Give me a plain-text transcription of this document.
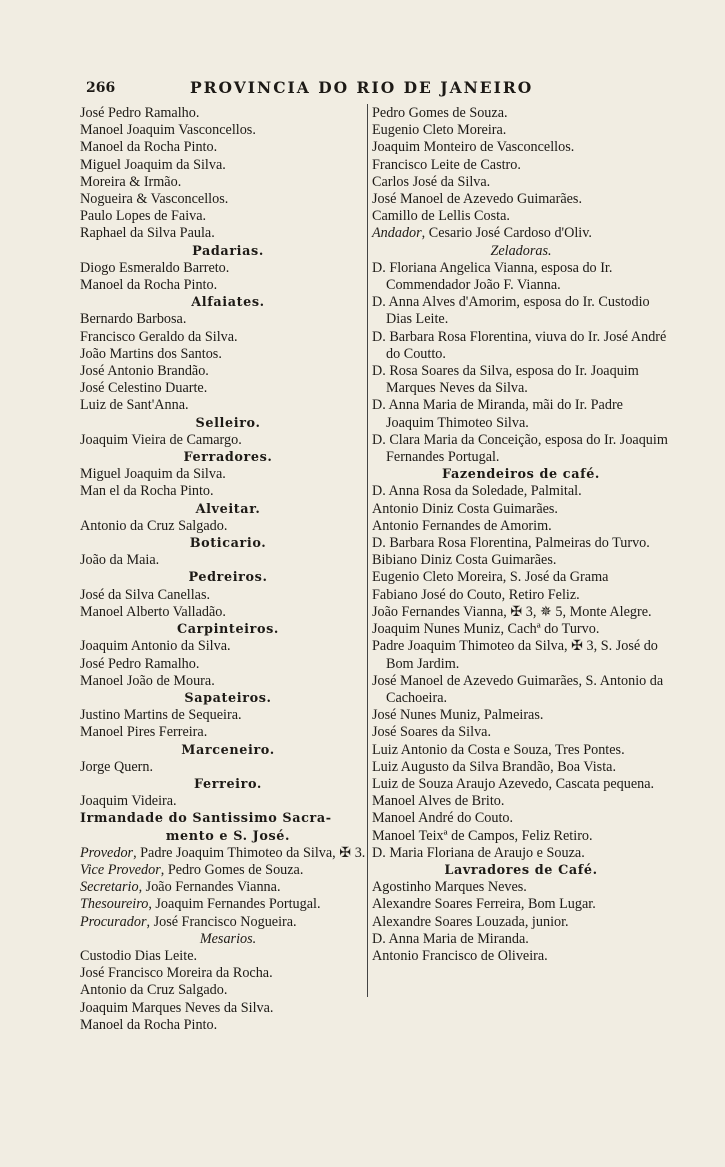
266	PROVINCIA DO RIO DE JANEIRO
José Pedro Ramalho.
Manoel Joaquim Vasconcellos.
Manoel da Rocha Pinto.
Miguel Joaquim da Silva.
Moreira & Irmão.
Nogueira & Vasconcellos.
Paulo Lopes de Faiva.
Raphael da Silva Paula.
Padarias.
Diogo Esmeraldo Barreto.
Manoel da Rocha Pinto.
Alfaiates.
Bernardo Barbosa.
Francisco Geraldo da Silva.
João Martins dos Santos.
José Antonio Brandão.
José Celestino Duarte.
Luiz de Sant'Anna.
Selleiro.
Joaquim Vieira de Camargo.
Ferradores.
Miguel Joaquim da Silva.
Man el da Rocha Pinto.
Alveitar.
Antonio da Cruz Salgado.
Boticario.
João da Maia.
Pedreiros.
José da Silva Canellas.
Manoel Alberto Valladão.
Carpinteiros.
Joaquim Antonio da Silva.
José Pedro Ramalho.
Manoel João de Moura.
Sapateiros.
Justino Martins de Sequeira.
Manoel Pires Ferreira.
Marceneiro.
Jorge Quern.
Ferreiro.
Joaquim Videira.
Irmandade do Santissimo Sacra-
mento e S. José.
Provedor, Padre Joaquim Thimoteo da Silva, ✠ 3.
Vice Provedor, Pedro Gomes de Souza.
Secretario, João Fernandes Vianna.
Thesoureiro, Joaquim Fernandes Portugal.
Procurador, José Francisco Nogueira.
Mesarios.
Custodio Dias Leite.
José Francisco Moreira da Rocha.
Antonio da Cruz Salgado.
Joaquim Marques Neves da Silva.
Manoel da Rocha Pinto.
Pedro Gomes de Souza.
Eugenio Cleto Moreira.
Joaquim Monteiro de Vasconcellos.
Francisco Leite de Castro.
Carlos José da Silva.
José Manoel de Azevedo Guimarães.
Camillo de Lellis Costa.
Andador, Cesario José Cardoso d'Oliv.
Zeladoras.
D. Floriana Angelica Vianna, esposa do Ir. Commendador João F. Vianna.
D. Anna Alves d'Amorim, esposa do Ir. Custodio Dias Leite.
D. Barbara Rosa Florentina, viuva do Ir. José André do Coutto.
D. Rosa Soares da Silva, esposa do Ir. Joaquim Marques Neves da Silva.
D. Anna Maria de Miranda, mãi do Ir. Padre Joaquim Thimoteo Silva.
D. Clara Maria da Conceição, esposa do Ir. Joaquim Fernandes Portugal.
Fazendeiros de café.
D. Anna Rosa da Soledade, Palmital.
Antonio Diniz Costa Guimarães.
Antonio Fernandes de Amorim.
D. Barbara Rosa Florentina, Palmeiras do Turvo.
Bibiano Diniz Costa Guimarães.
Eugenio Cleto Moreira, S. José da Grama
Fabiano José do Couto, Retiro Feliz.
João Fernandes Vianna, ✠ 3, ✵ 5, Monte Alegre.
Joaquim Nunes Muniz, Cachª do Turvo.
Padre Joaquim Thimoteo da Silva, ✠ 3, S. José do Bom Jardim.
José Manoel de Azevedo Guimarães, S. Antonio da Cachoeira.
José Nunes Muniz, Palmeiras.
José Soares da Silva.
Luiz Antonio da Costa e Souza, Tres Pontes.
Luiz Augusto da Silva Brandão, Boa Vista.
Luiz de Souza Araujo Azevedo, Cascata pequena.
Manoel Alves de Brito.
Manoel André do Couto.
Manoel Teixª de Campos, Feliz Retiro.
D. Maria Floriana de Araujo e Souza.
Lavradores de Café.
Agostinho Marques Neves.
Alexandre Soares Ferreira, Bom Lugar.
Alexandre Soares Louzada, junior.
D. Anna Maria de Miranda.
Antonio Francisco de Oliveira.
